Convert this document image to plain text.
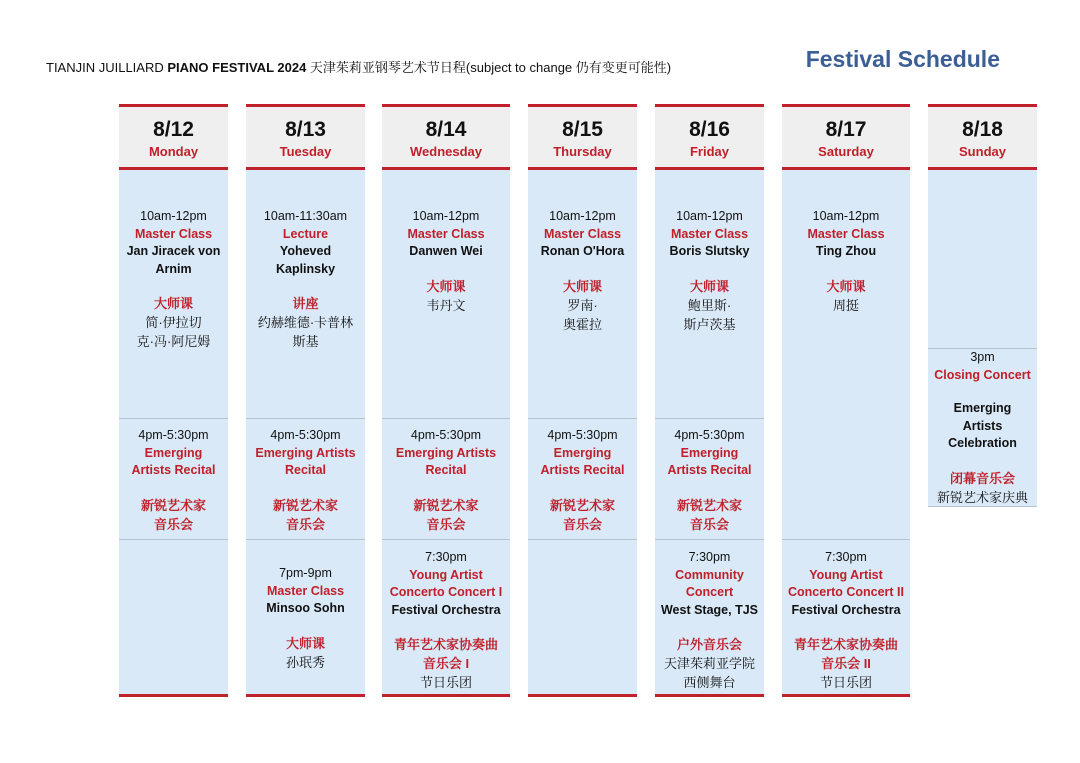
TIANJIN JUILLIARD PIANO FESTIVAL 2024 天津茱莉亚钢琴艺术节日程(subject to change 仍有变更可能性)	Festival Schedule
8/12
Monday
10am-12pm
Master Class
Jan Jiracek von
Arnim
大师课
简·伊拉切
克·冯·阿尼姆
4pm-5:30pm
Emerging
Artists Recital
新锐艺术家
音乐会
8/13
Tuesday
10am-11:30am
Lecture
Yoheved
Kaplinsky
讲座
约赫维德·卡普林
斯基
4pm-5:30pm
Emerging Artists
Recital
新锐艺术家
音乐会
7pm-9pm
Master Class
Minsoo Sohn
大师课
孙珉秀
8/14
Wednesday
10am-12pm
Master Class
Danwen Wei
大师课
韦丹文
4pm-5:30pm
Emerging Artists
Recital
新锐艺术家
音乐会
7:30pm
Young Artist
Concerto Concert I
Festival Orchestra
青年艺术家协奏曲
音乐会 I
节日乐团
8/15
Thursday
10am-12pm
Master Class
Ronan O'Hora
大师课
罗南·
奥霍拉
4pm-5:30pm
Emerging
Artists Recital
新锐艺术家
音乐会
8/16
Friday
10am-12pm
Master Class
Boris Slutsky
大师课
鲍里斯·
斯卢茨基
4pm-5:30pm
Emerging
Artists Recital
新锐艺术家
音乐会
7:30pm
Community
Concert
West Stage, TJS
户外音乐会
天津茱莉亚学院
西侧舞台
8/17
Saturday
10am-12pm
Master Class
Ting Zhou
大师课
周挺
7:30pm
Young Artist
Concerto Concert II
Festival Orchestra
青年艺术家协奏曲
音乐会 II
节日乐团
8/18
Sunday
3pm
Closing Concert
Emerging
Artists
Celebration
闭幕音乐会
新锐艺术家庆典
